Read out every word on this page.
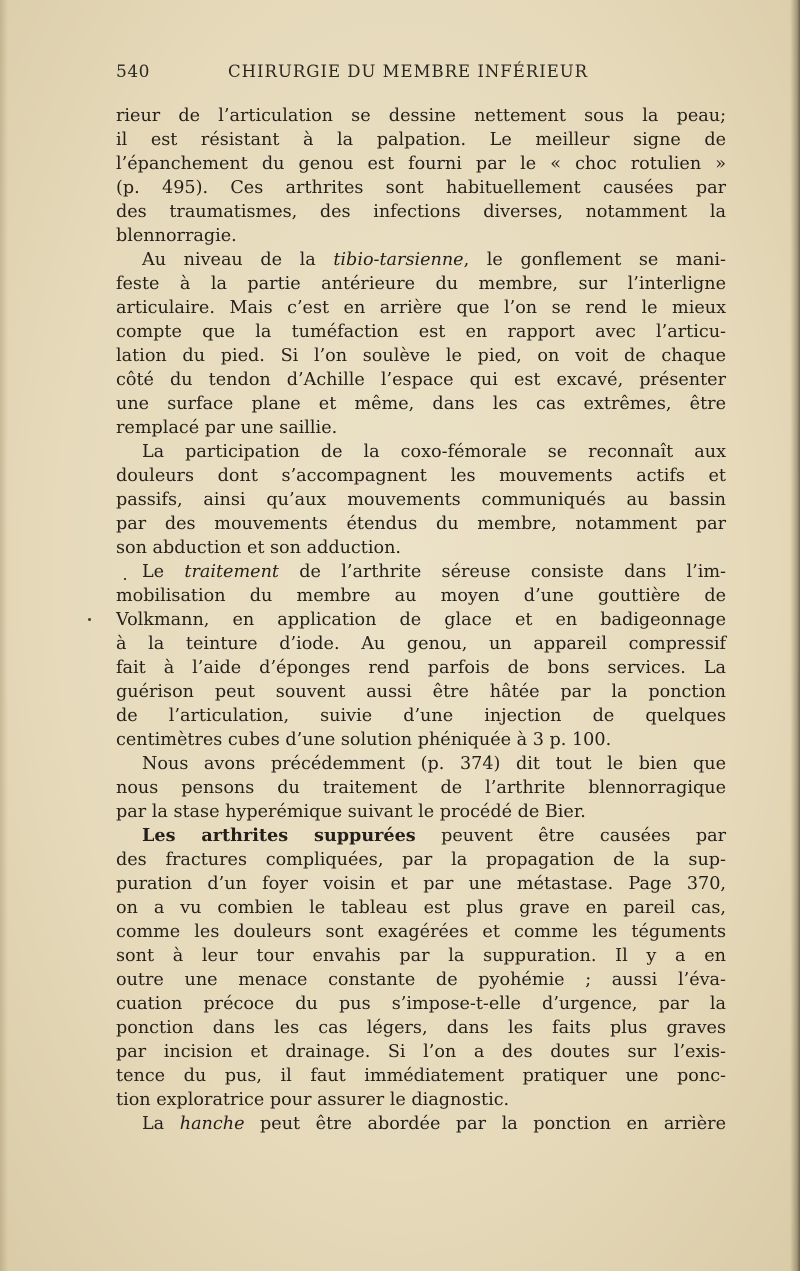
540	CHIRURGIE DU MEMBRE INFÉRIEUR
rieur de l’articulation se dessine nettement sous la peau;
il est résistant à la palpation. Le meilleur signe de
l’épanchement du genou est fourni par le « choc rotulien »
(p. 495). Ces arthrites sont habituellement causées par
des traumatismes, des infections diverses, notamment la
blennorragie.
Au niveau de la tibio-tarsienne, le gonflement se mani-
feste à la partie antérieure du membre, sur l’interligne
articulaire. Mais c’est en arrière que l’on se rend le mieux
compte que la tuméfaction est en rapport avec l’articu-
lation du pied. Si l’on soulève le pied, on voit de chaque
côté du tendon d’Achille l’espace qui est excavé, présenter
une surface plane et même, dans les cas extrêmes, être
remplacé par une saillie.
La participation de la coxo-fémorale se reconnaît aux
douleurs dont s’accompagnent les mouvements actifs et
passifs, ainsi qu’aux mouvements communiqués au bassin
par des mouvements étendus du membre, notamment par
son abduction et son adduction.
Le traitement de l’arthrite séreuse consiste dans l’im-
mobilisation du membre au moyen d’une gouttière de
Volkmann, en application de glace et en badigeonnage
à la teinture d’iode. Au genou, un appareil compressif
fait à l’aide d’éponges rend parfois de bons services. La
guérison peut souvent aussi être hâtée par la ponction
de l’articulation, suivie d’une injection de quelques
centimètres cubes d’une solution phéniquée à 3 p. 100.
Nous avons précédemment (p. 374) dit tout le bien que
nous pensons du traitement de l’arthrite blennorragique
par la stase hyperémique suivant le procédé de Bier.
Les arthrites suppurées peuvent être causées par
des fractures compliquées, par la propagation de la sup-
puration d’un foyer voisin et par une métastase. Page 370,
on a vu combien le tableau est plus grave en pareil cas,
comme les douleurs sont exagérées et comme les téguments
sont à leur tour envahis par la suppuration. Il y a en
outre une menace constante de pyohémie ; aussi l’éva-
cuation précoce du pus s’impose-t-elle d’urgence, par la
ponction dans les cas légers, dans les faits plus graves
par incision et drainage. Si l’on a des doutes sur l’exis-
tence du pus, il faut immédiatement pratiquer une ponc-
tion exploratrice pour assurer le diagnostic.
La hanche peut être abordée par la ponction en arrière
